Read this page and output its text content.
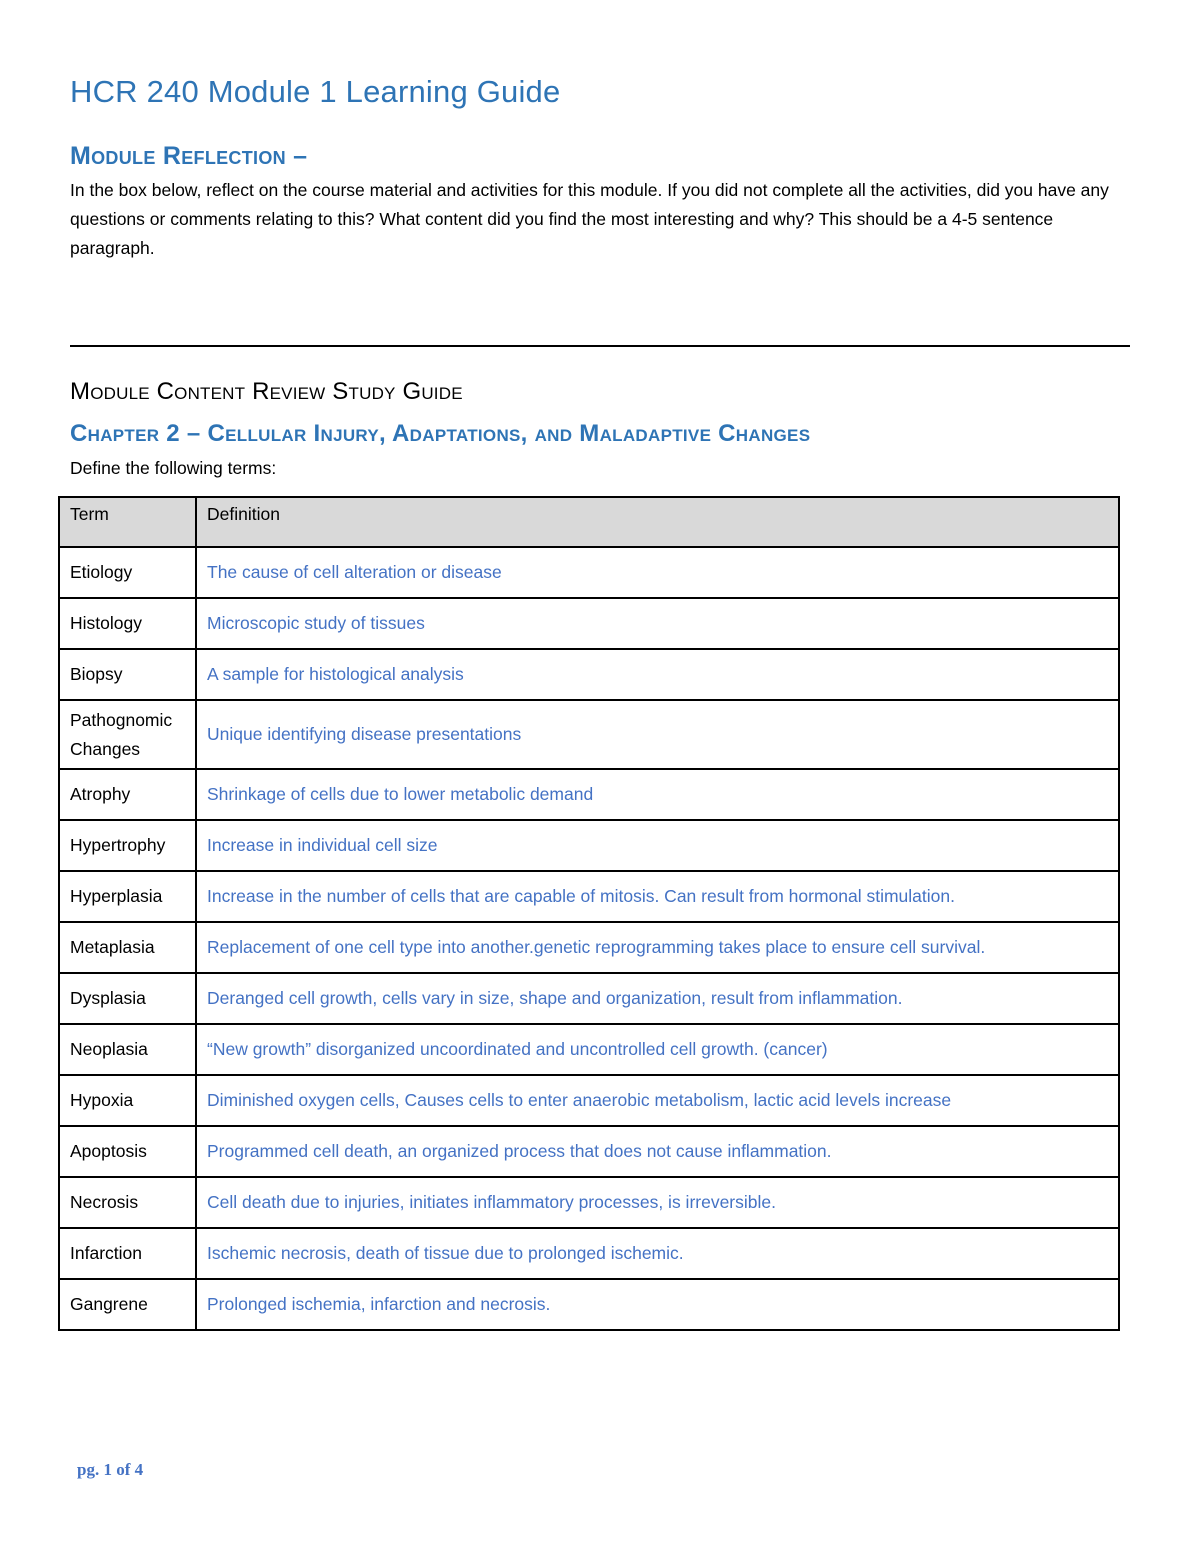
HCR 240 Module 1 Learning Guide
Module Reflection –
In the box below, reflect on the course material and activities for this module. If you did not complete all the activities, did you have any questions or comments relating to this? What content did you find the most interesting and why? This should be a 4-5 sentence paragraph.
Module Content Review Study Guide
Chapter 2 – Cellular Injury, Adaptations, and Maladaptive Changes
Define the following terms:
Term	Definition
Etiology	The cause of cell alteration or disease
Histology	Microscopic study of tissues
Biopsy	A sample for histological analysis
Pathognomic Changes	Unique identifying disease presentations
Atrophy	Shrinkage of cells due to lower metabolic demand
Hypertrophy	Increase in individual cell size
Hyperplasia	Increase in the number of cells that are capable of mitosis. Can result from hormonal stimulation.
Metaplasia	Replacement of one cell type into another.genetic reprogramming takes place to ensure cell survival.
Dysplasia	Deranged cell growth, cells vary in size, shape and organization, result from inflammation.
Neoplasia	“New growth” disorganized uncoordinated and uncontrolled cell growth. (cancer)
Hypoxia	Diminished oxygen cells, Causes cells to enter anaerobic metabolism, lactic acid levels increase
Apoptosis	Programmed cell death, an organized process that does not cause inflammation.
Necrosis	Cell death due to injuries, initiates inflammatory processes, is irreversible.
Infarction	Ischemic necrosis, death of tissue due to prolonged ischemic.
Gangrene	Prolonged ischemia, infarction and necrosis.
pg. 1 of 4
